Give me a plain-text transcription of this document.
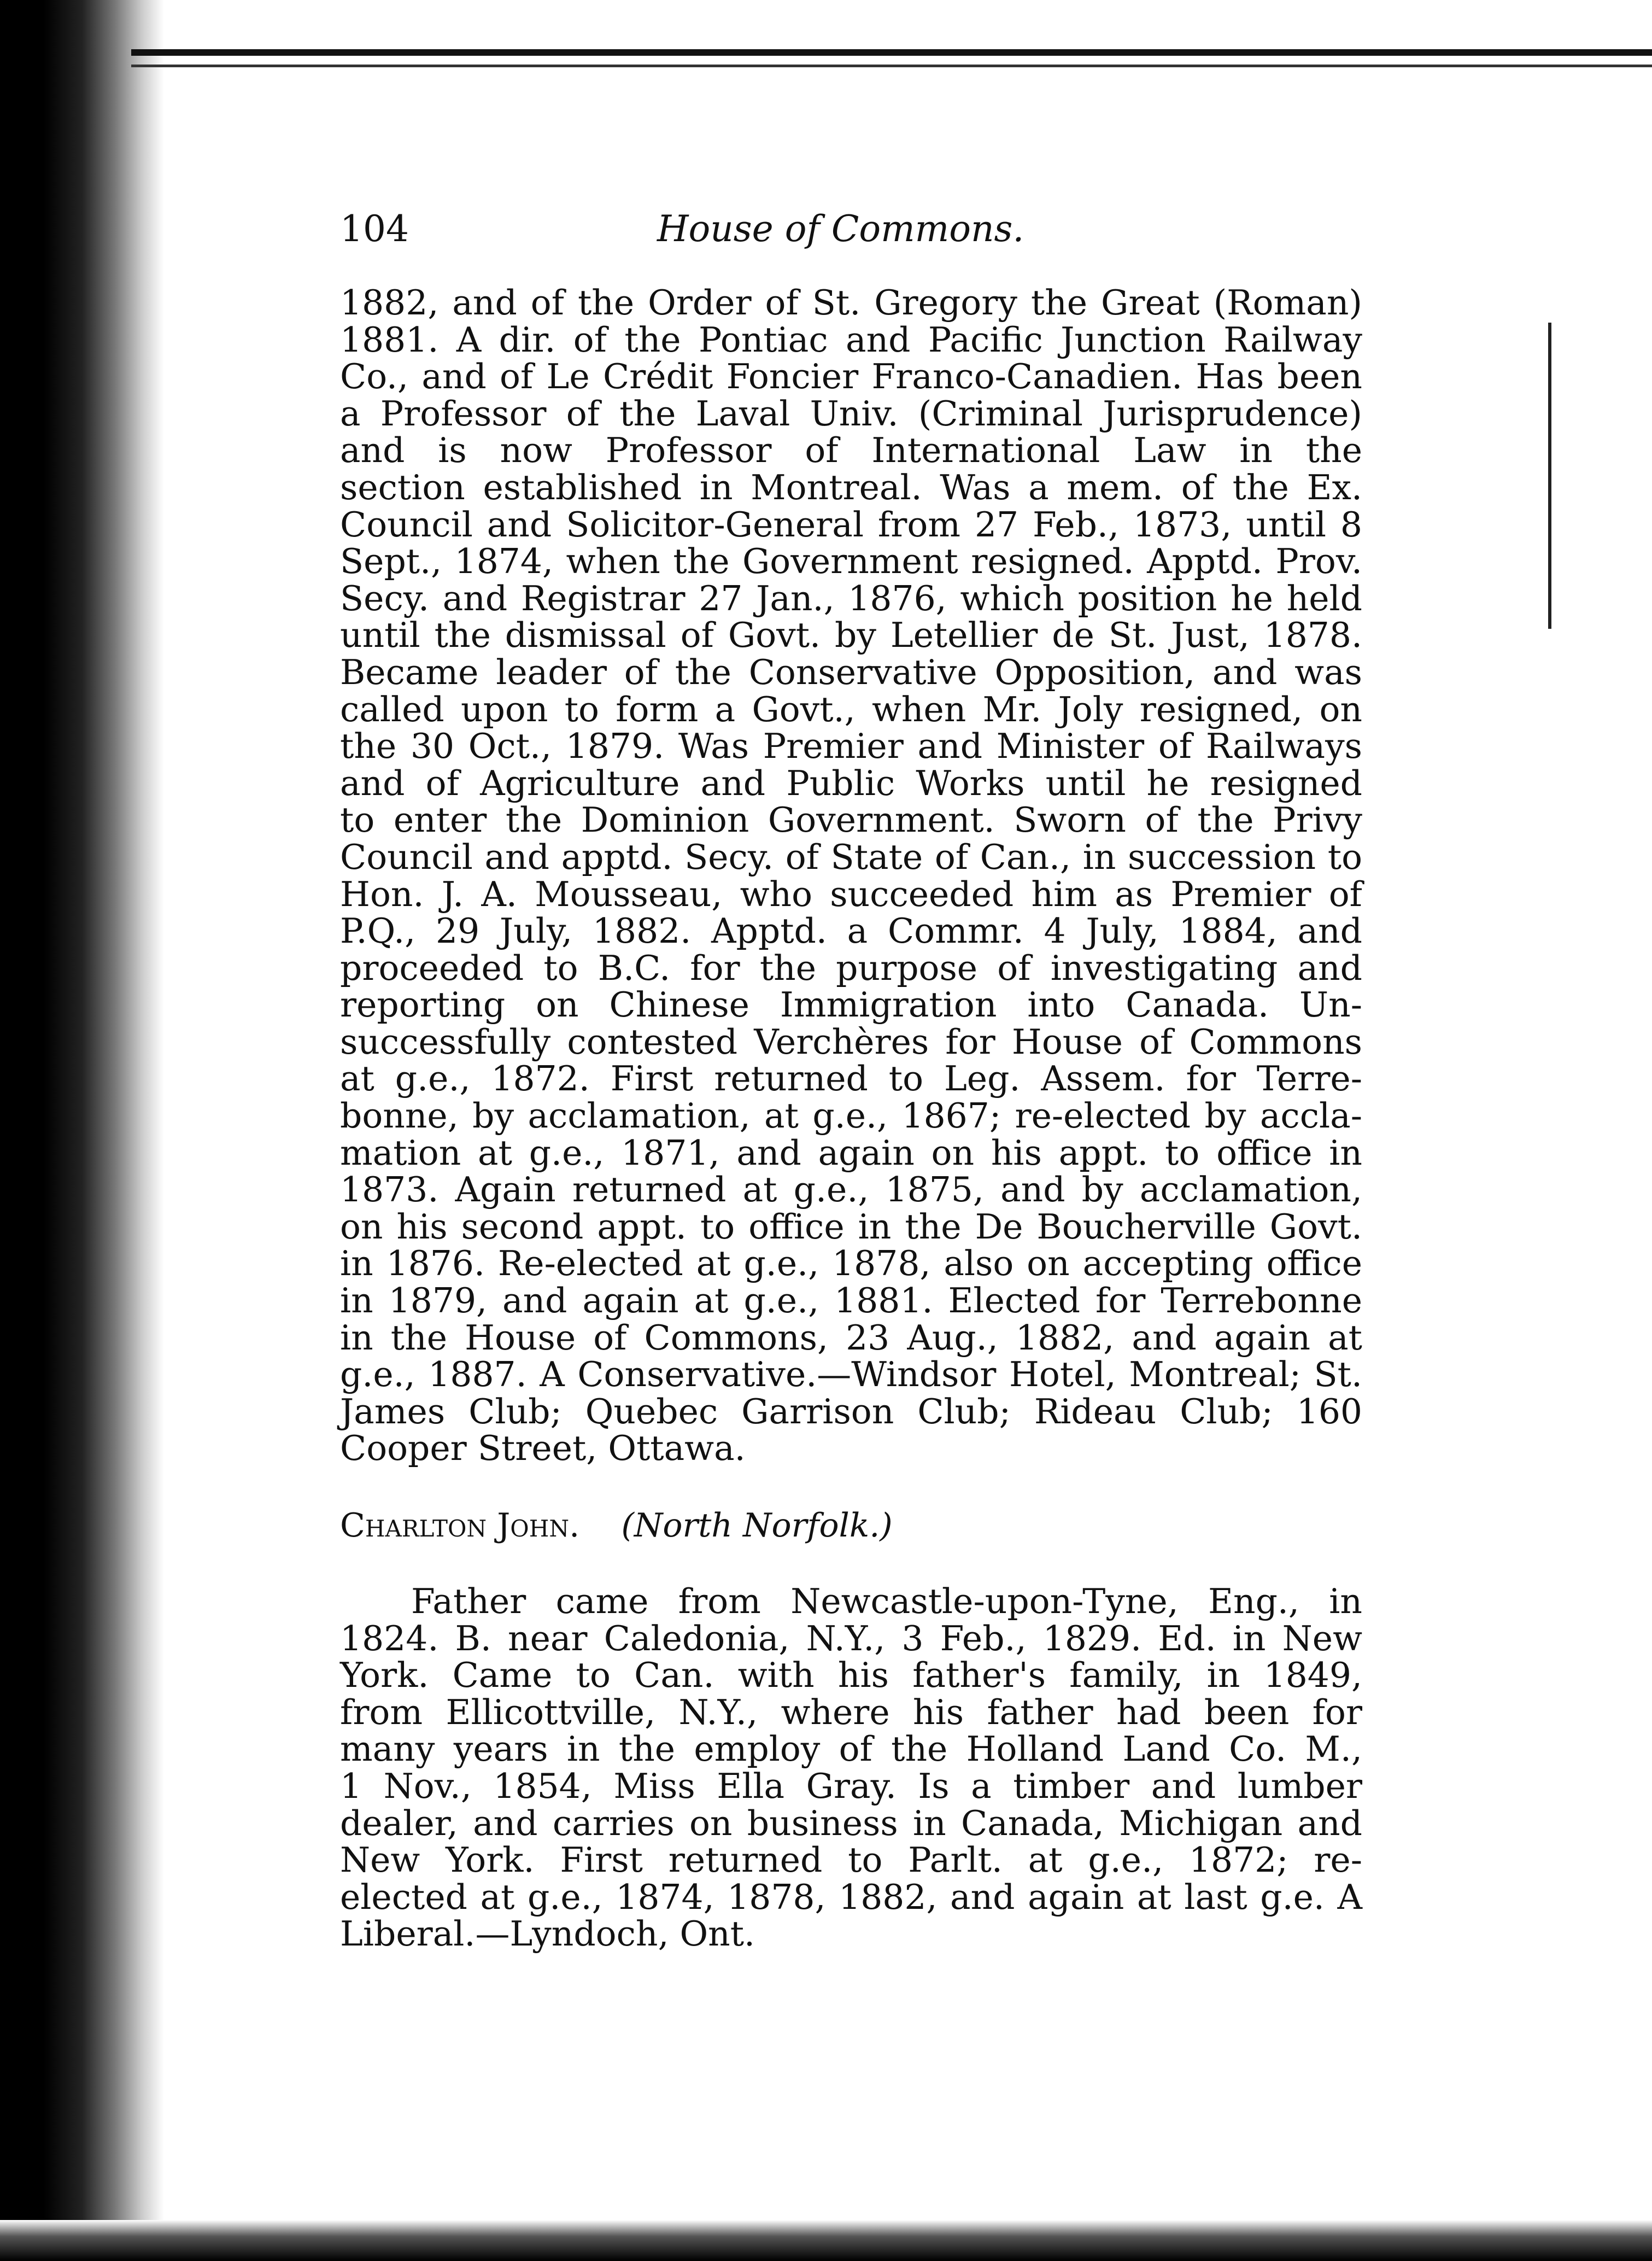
104	House of Commons.
1882, and of the Order of St. Gregory the Great (Roman)
1881. A dir. of the Pontiac and Pacific Junction Railway
Co., and of Le Crédit Foncier Franco-Canadien. Has been
a Professor of the Laval Univ. (Criminal Jurisprudence)
and is now Professor of International Law in the
section established in Montreal. Was a mem. of the Ex.
Council and Solicitor-General from 27 Feb., 1873, until 8
Sept., 1874, when the Government resigned. Apptd. Prov.
Secy. and Registrar 27 Jan., 1876, which position he held
until the dismissal of Govt. by Letellier de St. Just, 1878.
Became leader of the Conservative Opposition, and was
called upon to form a Govt., when Mr. Joly resigned, on
the 30 Oct., 1879. Was Premier and Minister of Railways
and of Agriculture and Public Works until he resigned
to enter the Dominion Government. Sworn of the Privy
Council and apptd. Secy. of State of Can., in succession to
Hon. J. A. Mousseau, who succeeded him as Premier of
P.Q., 29 July, 1882. Apptd. a Commr. 4 July, 1884, and
proceeded to B.C. for the purpose of investigating and
reporting on Chinese Immigration into Canada. Un-
successfully contested Verchères for House of Commons
at g.e., 1872. First returned to Leg. Assem. for Terre-
bonne, by acclamation, at g.e., 1867; re-elected by accla-
mation at g.e., 1871, and again on his appt. to office in
1873. Again returned at g.e., 1875, and by acclamation,
on his second appt. to office in the De Boucherville Govt.
in 1876. Re-elected at g.e., 1878, also on accepting office
in 1879, and again at g.e., 1881. Elected for Terrebonne
in the House of Commons, 23 Aug., 1882, and again at
g.e., 1887. A Conservative.—Windsor Hotel, Montreal; St.
James Club; Quebec Garrison Club; Rideau Club; 160
Cooper Street, Ottawa.
Charlton John. (North Norfolk.)
Father came from Newcastle-upon-Tyne, Eng., in
1824. B. near Caledonia, N.Y., 3 Feb., 1829. Ed. in New
York. Came to Can. with his father's family, in 1849,
from Ellicottville, N.Y., where his father had been for
many years in the employ of the Holland Land Co. M.,
1 Nov., 1854, Miss Ella Gray. Is a timber and lumber
dealer, and carries on business in Canada, Michigan and
New York. First returned to Parlt. at g.e., 1872; re-
elected at g.e., 1874, 1878, 1882, and again at last g.e. A
Liberal.—Lyndoch, Ont.
